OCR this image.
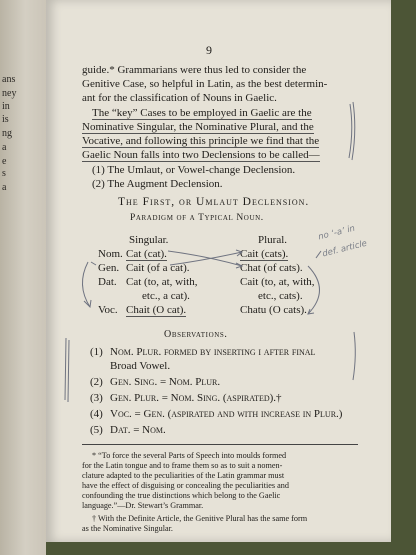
ans
ney
in
is
ng
a
e
s
a
9
guide.* Grammarians were thus led to consider the
Genitive Case, so helpful in Latin, as the best determin-
ant for the classification of Nouns in Gaelic.
The “key” Cases to be employed in Gaelic are the
Nominative Singular, the Nominative Plural, and the
Vocative, and following this principle we find that the
Gaelic Noun falls into two Declensions to be called—
(1) The Umlaut, or Vowel-change Declension.
(2) The Augment Declension.
The First, or Umlaut Declension.
Paradigm of a Typical Noun.
Singular.	Plural.
Nom. Cat (cat).	Cait (cats).
Gen. Cait (of a cat).	Chat (of cats).
Dat. Cat (to, at, with,	Cait (to, at, with,
etc., a cat).	etc., cats).
Voc. Chait (O cat).	Chatu (O cats).
Observations.
(1) Nom. Plur. formed by inserting i after final
Broad Vowel.
(2) Gen. Sing. = Nom. Plur.
(3) Gen. Plur. = Nom. Sing. (aspirated).†
(4) Voc. = Gen. (aspirated and with increase in Plur.)
(5) Dat. = Nom.
* “To force the several Parts of Speech into moulds formed
for the Latin tongue and to frame them so as to suit a nomen-
clature adapted to the peculiarities of the Latin grammar must
have the effect of disguising or concealing the peculiarities and
confounding the true distinctions which belong to the Gaelic
language.”—Dr. Stewart’s Grammar.
† With the Definite Article, the Genitive Plural has the same form
as the Nominative Singular.
no ‘-a’ in
def. article
